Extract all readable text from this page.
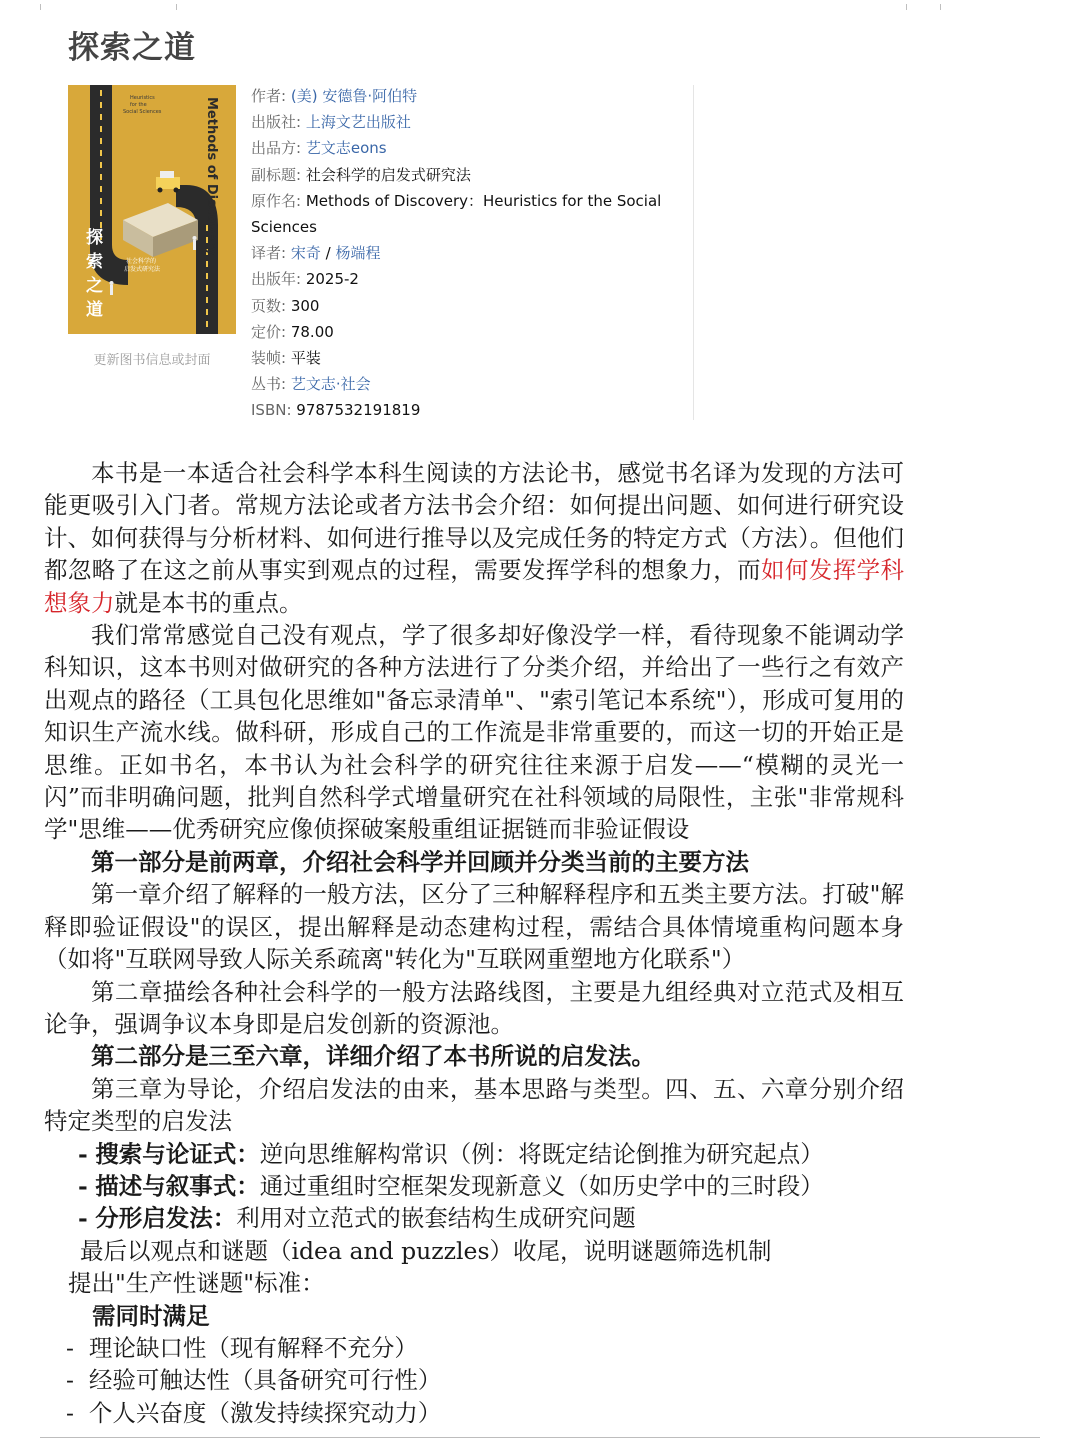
探索之道
Methods of Discovery
Heuristics
for the
Social Sciences
探
索
之
道
社会科学的
启发式研究法
更新图书信息或封面
作者: (美) 安德鲁·阿伯特
出版社: 上海文艺出版社
出品方: 艺文志eons
副标题: 社会科学的启发式研究法
原作名: Methods of Discovery：Heuristics for the Social Sciences
译者: 宋奇 / 杨端程
出版年: 2025-2
页数: 300
定价: 78.00
装帧: 平装
丛书: 艺文志·社会
ISBN: 9787532191819

本书是一本适合社会科学本科生阅读的方法论书，感觉书名译为发现的方法可能更吸引入门者。常规方法论或者方法书会介绍：如何提出问题、如何进行研究设计、如何获得与分析材料、如何进行推导以及完成任务的特定方式（方法）。但他们都忽略了在这之前从事实到观点的过程，需要发挥学科的想象力，而如何发挥学科想象力就是本书的重点。

我们常常感觉自己没有观点，学了很多却好像没学一样，看待现象不能调动学科知识，这本书则对做研究的各种方法进行了分类介绍，并给出了一些行之有效产出观点的路径（工具包化思维如"备忘录清单"、"索引笔记本系统"），形成可复用的知识生产流水线。做科研，形成自己的工作流是非常重要的，而这一切的开始正是思维。正如书名，本书认为社会科学的研究往往来源于启发——“模糊的灵光一闪”而非明确问题，批判自然科学式增量研究在社科领域的局限性，主张"非常规科学"思维——优秀研究应像侦探破案般重组证据链而非验证假设

第一部分是前两章，介绍社会科学并回顾并分类当前的主要方法

第一章介绍了解释的一般方法，区分了三种解释程序和五类主要方法。打破"解释即验证假设"的误区，提出解释是动态建构过程，需结合具体情境重构问题本身（如将"互联网导致人际关系疏离"转化为"互联网重塑地方化联系"）

第二章描绘各种社会科学的一般方法路线图，主要是九组经典对立范式及相互论争，强调争议本身即是启发创新的资源池。

第二部分是三至六章，详细介绍了本书所说的启发法。

第三章为导论，介绍启发法的由来，基本思路与类型。四、五、六章分别介绍特定类型的启发法

- 搜索与论证式：逆向思维解构常识（例：将既定结论倒推为研究起点）

- 描述与叙事式：通过重组时空框架发现新意义（如历史学中的三时段）

- 分形启发法：利用对立范式的嵌套结构生成研究问题

最后以观点和谜题（idea and puzzles）收尾，说明谜题筛选机制

提出"生产性谜题"标准：

需同时满足

- 理论缺口性（现有解释不充分）

- 经验可触达性（具备研究可行性）

- 个人兴奋度（激发持续探究动力）
